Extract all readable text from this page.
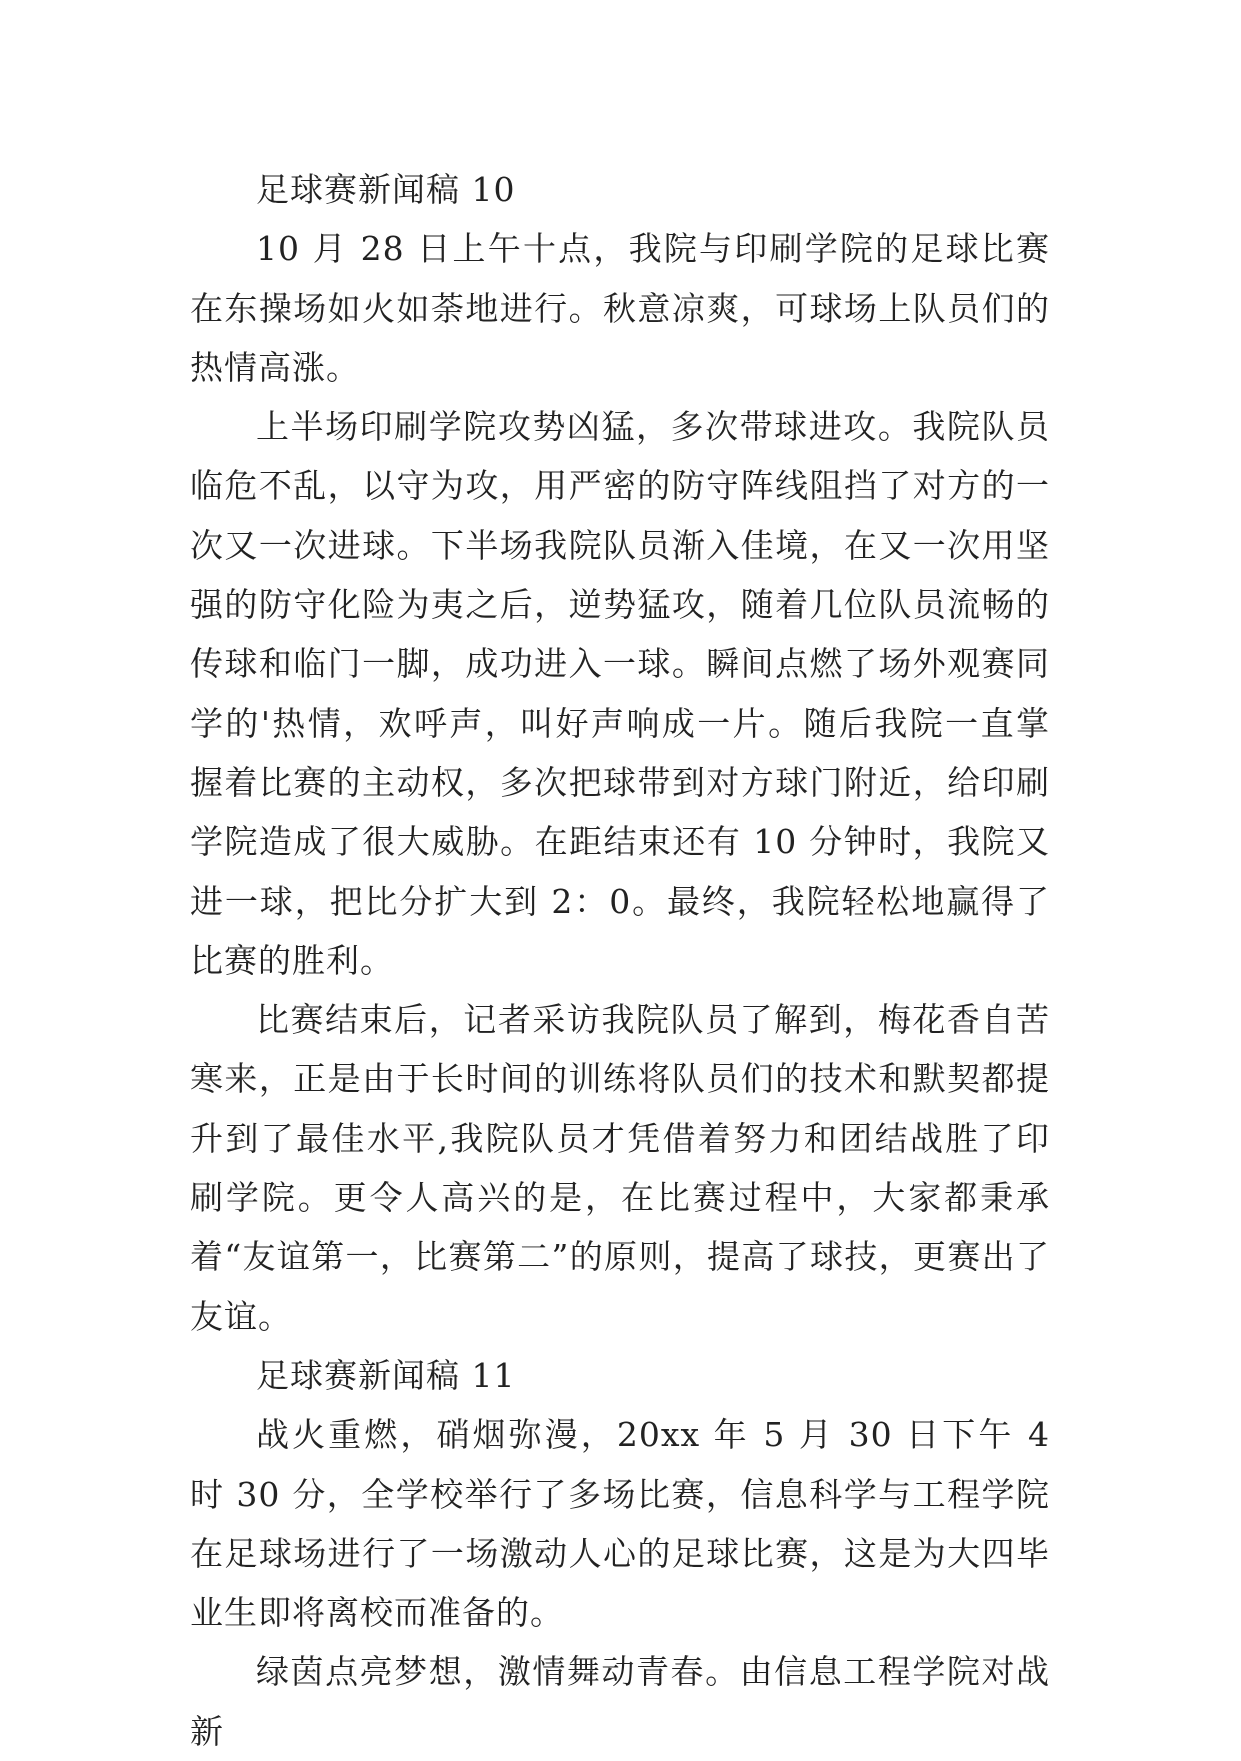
足球赛新闻稿 10

10 月 28 日上午十点，我院与印刷学院的足球比赛在东操场如火如荼地进行。秋意凉爽，可球场上队员们的热情高涨。

上半场印刷学院攻势凶猛，多次带球进攻。我院队员临危不乱，以守为攻，用严密的防守阵线阻挡了对方的一次又一次进球。下半场我院队员渐入佳境，在又一次用坚强的防守化险为夷之后，逆势猛攻，随着几位队员流畅的传球和临门一脚，成功进入一球。瞬间点燃了场外观赛同学的'热情，欢呼声，叫好声响成一片。随后我院一直掌握着比赛的主动权，多次把球带到对方球门附近，给印刷学院造成了很大威胁。在距结束还有 10 分钟时，我院又进一球，把比分扩大到 2：0。最终，我院轻松地赢得了比赛的胜利。

比赛结束后，记者采访我院队员了解到，梅花香自苦寒来，正是由于长时间的训练将队员们的技术和默契都提升到了最佳水平,我院队员才凭借着努力和团结战胜了印刷学院。更令人高兴的是，在比赛过程中，大家都秉承着“友谊第一，比赛第二”的原则，提高了球技，更赛出了友谊。

足球赛新闻稿 11

战火重燃，硝烟弥漫，20xx 年 5 月 30 日下午 4 时 30 分，全学校举行了多场比赛，信息科学与工程学院在足球场进行了一场激动人心的足球比赛，这是为大四毕业生即将离校而准备的。

绿茵点亮梦想，激情舞动青春。由信息工程学院对战新
